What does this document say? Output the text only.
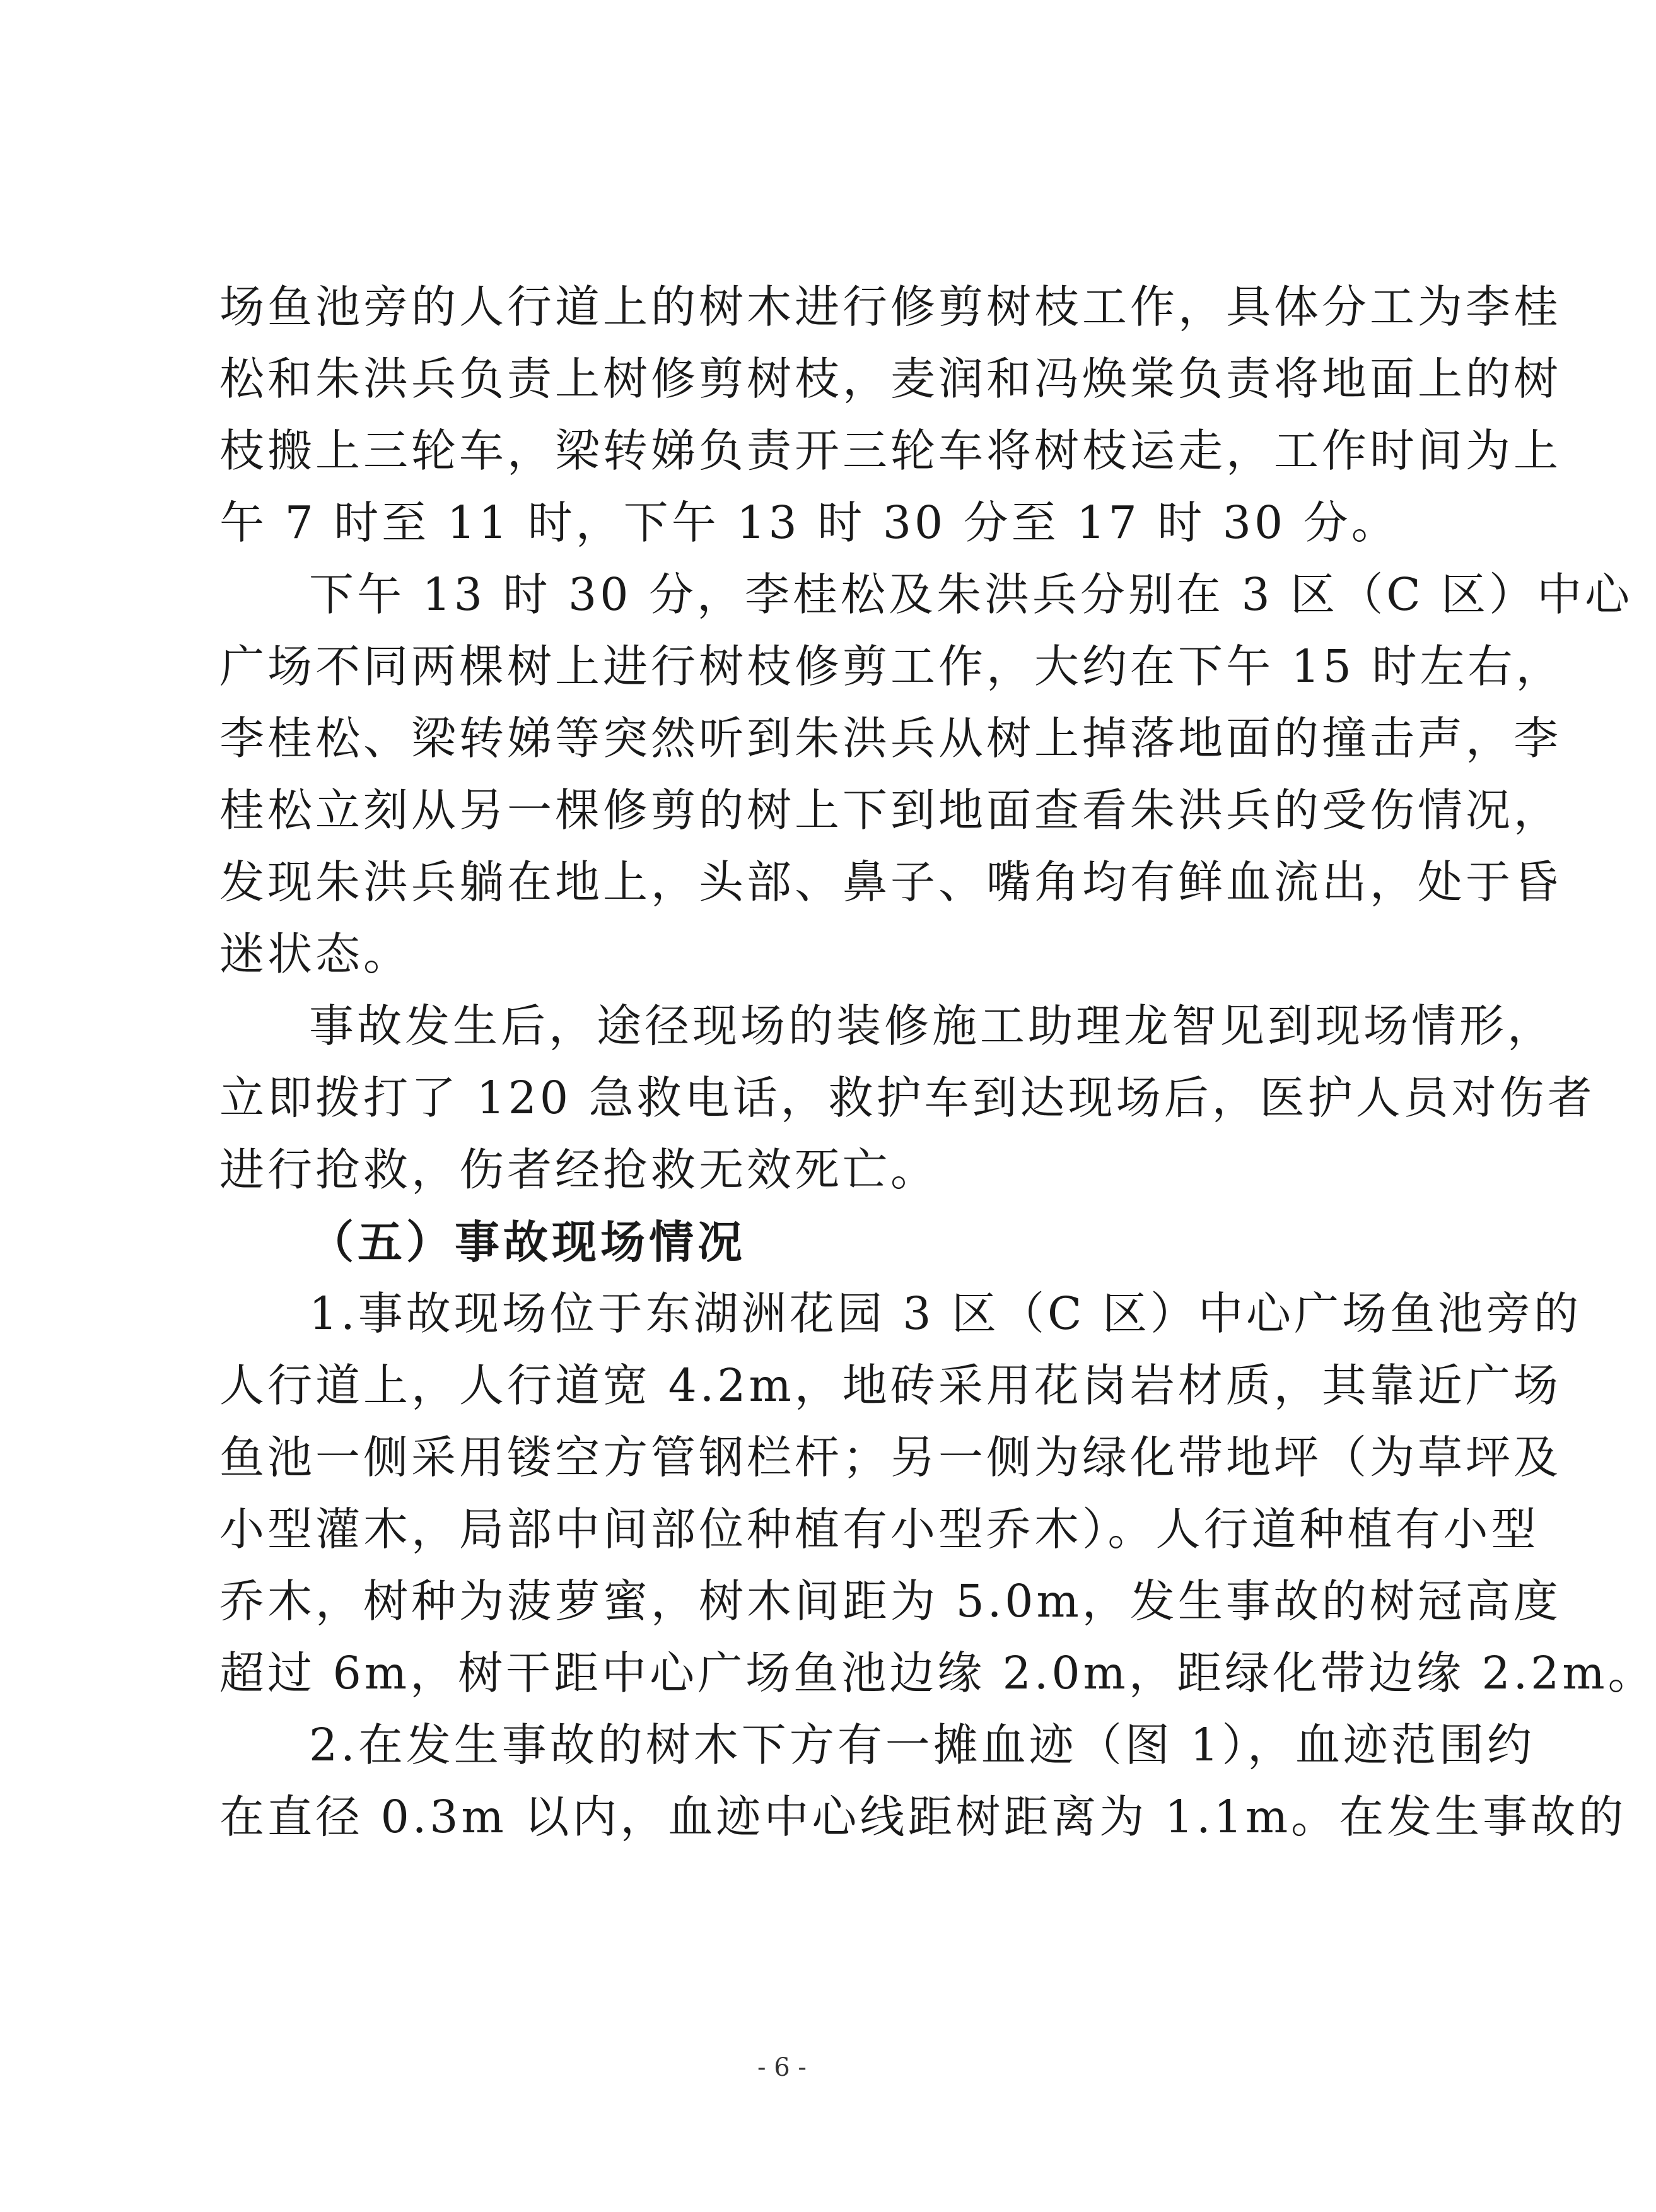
场鱼池旁的人行道上的树木进行修剪树枝工作，具体分工为李桂
松和朱洪兵负责上树修剪树枝，麦润和冯焕棠负责将地面上的树
枝搬上三轮车，梁转娣负责开三轮车将树枝运走，工作时间为上
午 7 时至 11 时，下午 13 时 30 分至 17 时 30 分。
下午 13 时 30 分，李桂松及朱洪兵分别在 3 区（C 区）中心
广场不同两棵树上进行树枝修剪工作，大约在下午 15 时左右，
李桂松、梁转娣等突然听到朱洪兵从树上掉落地面的撞击声，李
桂松立刻从另一棵修剪的树上下到地面查看朱洪兵的受伤情况，
发现朱洪兵躺在地上，头部、鼻子、嘴角均有鲜血流出，处于昏
迷状态。
事故发生后，途径现场的装修施工助理龙智见到现场情形，
立即拨打了 120 急救电话，救护车到达现场后，医护人员对伤者
进行抢救，伤者经抢救无效死亡。
（五）事故现场情况
1.事故现场位于东湖洲花园 3 区（C 区）中心广场鱼池旁的
人行道上，人行道宽 4.2m，地砖采用花岗岩材质，其靠近广场
鱼池一侧采用镂空方管钢栏杆；另一侧为绿化带地坪（为草坪及
小型灌木，局部中间部位种植有小型乔木）。人行道种植有小型
乔木，树种为菠萝蜜，树木间距为 5.0m，发生事故的树冠高度
超过 6m，树干距中心广场鱼池边缘 2.0m，距绿化带边缘 2.2m。
2.在发生事故的树木下方有一摊血迹（图 1），血迹范围约
在直径 0.3m 以内，血迹中心线距树距离为 1.1m。在发生事故的
- 6 -
